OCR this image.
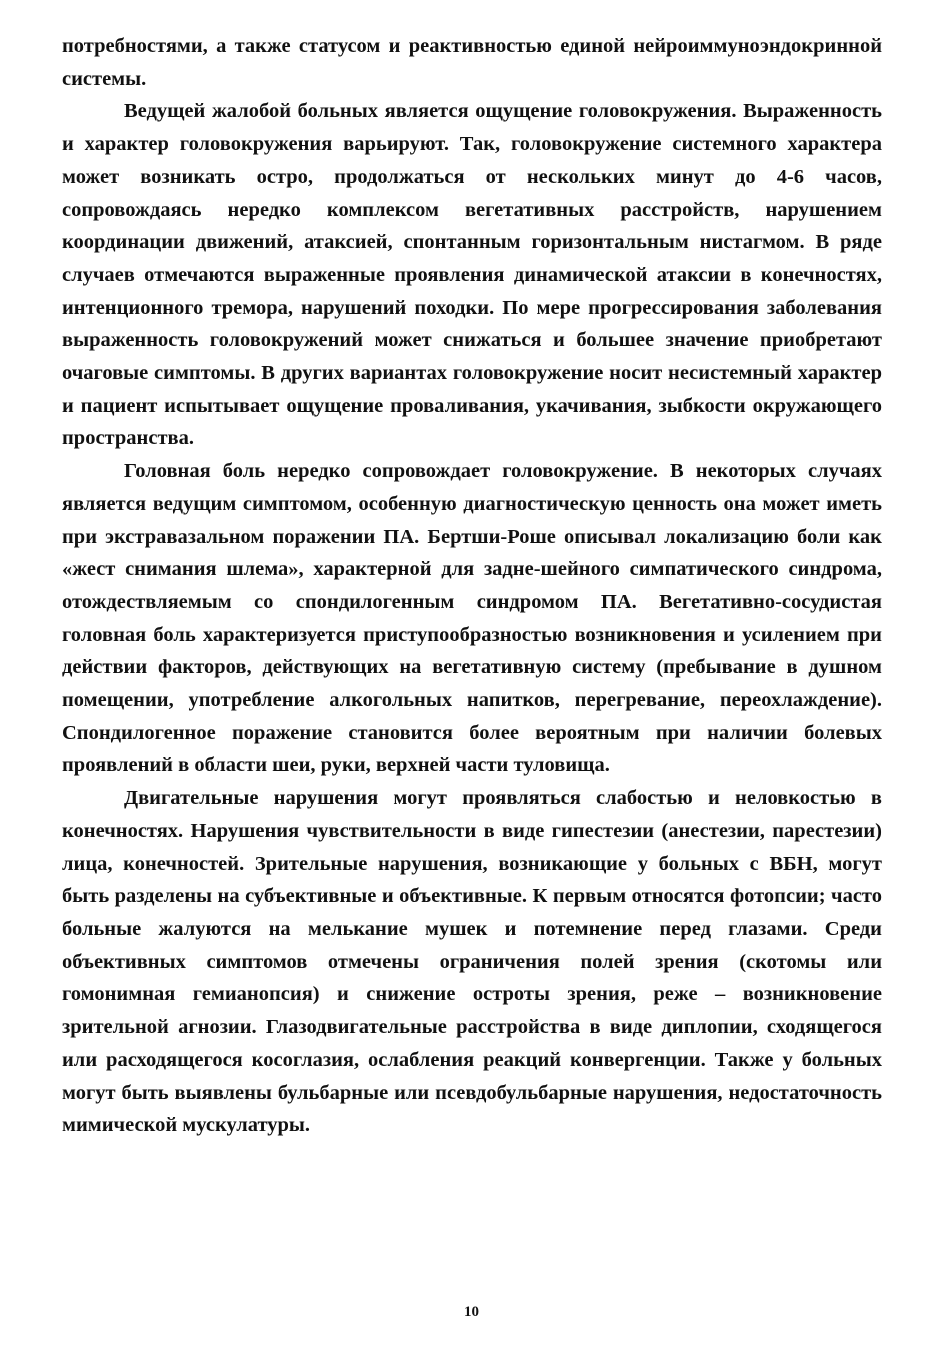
потребностями, а также статусом и реактивностью единой нейроиммуноэндокринной системы.

Ведущей жалобой больных является ощущение головокружения. Выраженность и характер головокружения варьируют. Так, головокружение системного характера может возникать остро, продолжаться от нескольких минут до 4-6 часов, сопровождаясь нередко комплексом вегетативных расстройств, нарушением координации движений, атаксией, спонтанным горизонтальным нистагмом. В ряде случаев отмечаются выраженные проявления динамической атаксии в конечностях, интенционного тремора, нарушений походки. По мере прогрессирования заболевания выраженность головокружений может снижаться и большее значение приобретают очаговые симптомы. В других вариантах головокружение носит несистемный характер и пациент испытывает ощущение проваливания, укачивания, зыбкости окружающего пространства.

Головная боль нередко сопровождает головокружение. В некоторых случаях является ведущим симптомом, особенную диагностическую ценность она может иметь при экстравазальном поражении ПА. Бертши-Роше описывал локализацию боли как «жест снимания шлема», характерной для задне-шейного симпатического синдрома, отождествляемым со спондилогенным синдромом ПА. Вегетативно-сосудистая головная боль характеризуется приступообразностью возникновения и усилением при действии факторов, действующих на вегетативную систему (пребывание в душном помещении, употребление алкогольных напитков, перегревание, переохлаждение). Спондилогенное поражение становится более вероятным при наличии болевых проявлений в области шеи, руки, верхней части туловища.

Двигательные нарушения могут проявляться слабостью и неловкостью в конечностях. Нарушения чувствительности в виде гипестезии (анестезии, парестезии) лица, конечностей. Зрительные нарушения, возникающие у больных с ВБН, могут быть разделены на субъективные и объективные. К первым относятся фотопсии; часто больные жалуются на мелькание мушек и потемнение перед глазами. Среди объективных симптомов отмечены ограничения полей зрения (скотомы или гомонимная гемианопсия) и снижение остроты зрения, реже – возникновение зрительной агнозии. Глазодвигательные расстройства в виде диплопии, сходящегося или расходящегося косоглазия, ослабления реакций конвергенции. Также у больных могут быть выявлены бульбарные или псевдобульбарные нарушения, недостаточность мимической мускулатуры.

10
